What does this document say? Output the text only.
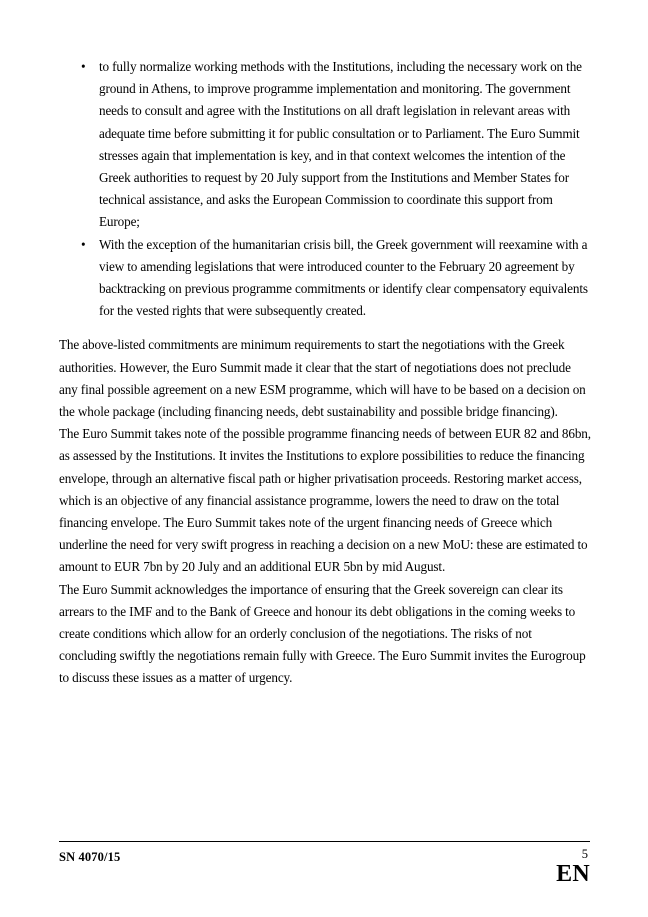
• to fully normalize working methods with the Institutions, including the necessary work on the ground in Athens, to improve programme implementation and monitoring. The government needs to consult and agree with the Institutions on all draft legislation in relevant areas with adequate time before submitting it for public consultation or to Parliament. The Euro Summit stresses again that implementation is key, and in that context welcomes the intention of the Greek authorities to request by 20 July support from the Institutions and Member States for technical assistance, and asks the European Commission to coordinate this support from Europe;
• With the exception of the humanitarian crisis bill, the Greek government will reexamine with a view to amending legislations that were introduced counter to the February 20 agreement by backtracking on previous programme commitments or identify clear compensatory equivalents for the vested rights that were subsequently created.

The above-listed commitments are minimum requirements to start the negotiations with the Greek authorities. However, the Euro Summit made it clear that the start of negotiations does not preclude any final possible agreement on a new ESM programme, which will have to be based on a decision on the whole package (including financing needs, debt sustainability and possible bridge financing).

The Euro Summit takes note of the possible programme financing needs of between EUR 82 and 86bn, as assessed by the Institutions. It invites the Institutions to explore possibilities to reduce the financing envelope, through an alternative fiscal path or higher privatisation proceeds. Restoring market access, which is an objective of any financial assistance programme, lowers the need to draw on the total financing envelope. The Euro Summit takes note of the urgent financing needs of Greece which underline the need for very swift progress in reaching a decision on a new MoU: these are estimated to amount to EUR 7bn by 20 July and an additional EUR 5bn by mid August.

The Euro Summit acknowledges the importance of ensuring that the Greek sovereign can clear its arrears to the IMF and to the Bank of Greece and honour its debt obligations in the coming weeks to create conditions which allow for an orderly conclusion of the negotiations. The risks of not concluding swiftly the negotiations remain fully with Greece. The Euro Summit invites the Eurogroup to discuss these issues as a matter of urgency.

SN 4070/15	5
EN
